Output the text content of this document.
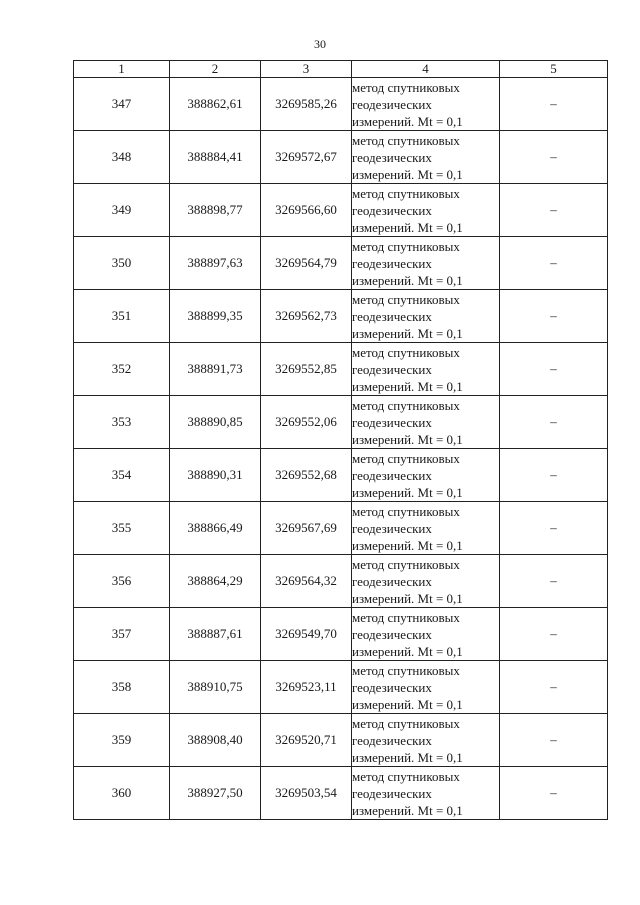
30
1	2	3	4	5
347	388862,61	3269585,26	метод спутниковых
геодезических
измерений. Mt = 0,1	–
348	388884,41	3269572,67	метод спутниковых
геодезических
измерений. Mt = 0,1	–
349	388898,77	3269566,60	метод спутниковых
геодезических
измерений. Mt = 0,1	–
350	388897,63	3269564,79	метод спутниковых
геодезических
измерений. Mt = 0,1	–
351	388899,35	3269562,73	метод спутниковых
геодезических
измерений. Mt = 0,1	–
352	388891,73	3269552,85	метод спутниковых
геодезических
измерений. Mt = 0,1	–
353	388890,85	3269552,06	метод спутниковых
геодезических
измерений. Mt = 0,1	–
354	388890,31	3269552,68	метод спутниковых
геодезических
измерений. Mt = 0,1	–
355	388866,49	3269567,69	метод спутниковых
геодезических
измерений. Mt = 0,1	–
356	388864,29	3269564,32	метод спутниковых
геодезических
измерений. Mt = 0,1	–
357	388887,61	3269549,70	метод спутниковых
геодезических
измерений. Mt = 0,1	–
358	388910,75	3269523,11	метод спутниковых
геодезических
измерений. Mt = 0,1	–
359	388908,40	3269520,71	метод спутниковых
геодезических
измерений. Mt = 0,1	–
360	388927,50	3269503,54	метод спутниковых
геодезических
измерений. Mt = 0,1	–
